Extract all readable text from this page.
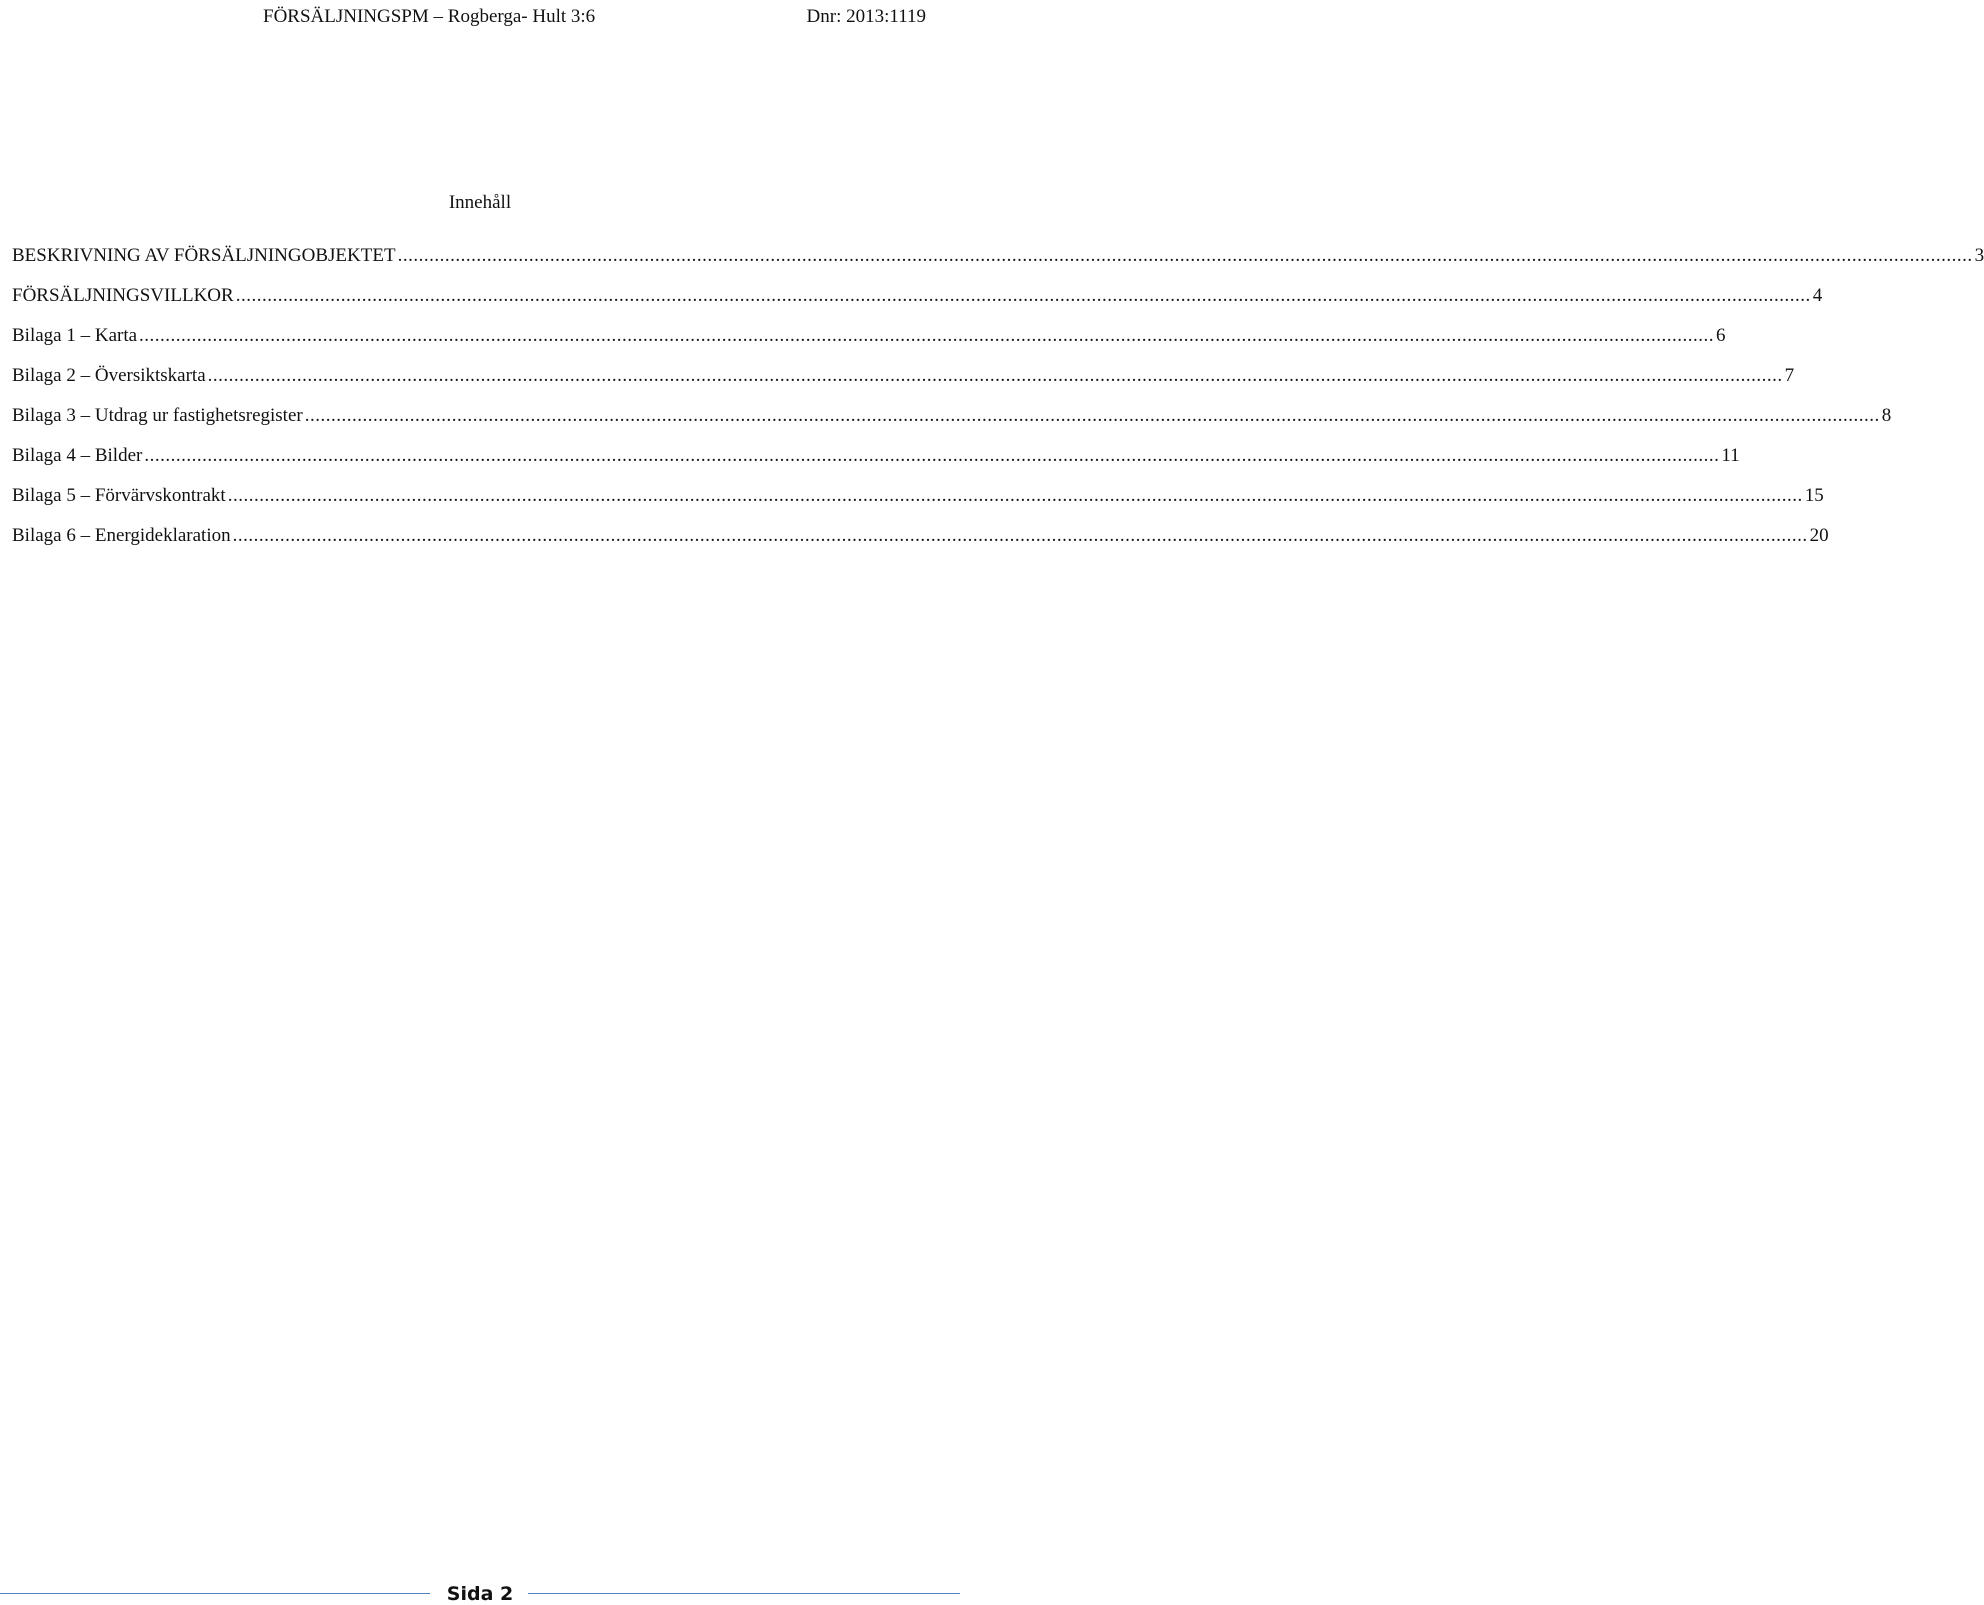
FÖRSÄLJNINGSPM – Rogberga- Hult 3:6	Dnr: 2013:1119
Innehåll
BESKRIVNING AV FÖRSÄLJNINGOBJEKTET ............................................................................................................................................................................................................................................................................................................ 3
FÖRSÄLJNINGSVILLKOR ............................................................................................................................................................................................................................................................................................................ 4
Bilaga 1 – Karta ............................................................................................................................................................................................................................................................................................................ 6
Bilaga 2 – Översiktskarta ............................................................................................................................................................................................................................................................................................................ 7
Bilaga 3 – Utdrag ur fastighetsregister ............................................................................................................................................................................................................................................................................................................ 8
Bilaga 4 – Bilder ............................................................................................................................................................................................................................................................................................................ 11
Bilaga 5 – Förvärvskontrakt ............................................................................................................................................................................................................................................................................................................ 15
Bilaga 6 – Energideklaration ............................................................................................................................................................................................................................................................................................................ 20
Sida 2
